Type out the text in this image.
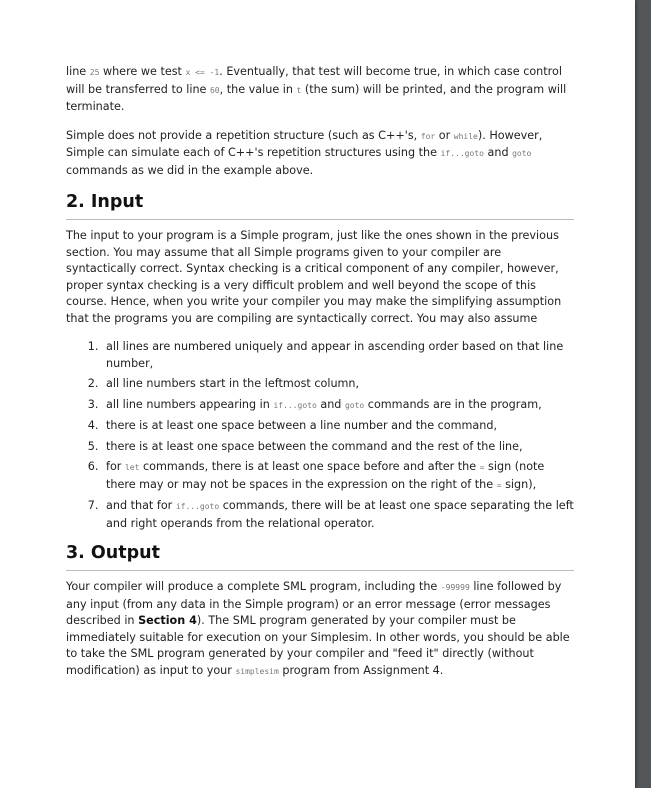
line 25 where we test x <= -1. Eventually, that test will become true, in which case control will be transferred to line 60, the value in t (the sum) will be printed, and the program will terminate.

Simple does not provide a repetition structure (such as C++'s, for or while). However, Simple can simulate each of C++'s repetition structures using the if...goto and goto commands as we did in the example above.

2. Input

The input to your program is a Simple program, just like the ones shown in the previous section. You may assume that all Simple programs given to your compiler are syntactically correct. Syntax checking is a critical component of any compiler, however, proper syntax checking is a very difficult problem and well beyond the scope of this course. Hence, when you write your compiler you may make the simplifying assumption that the programs you are compiling are syntactically correct. You may also assume

1. all lines are numbered uniquely and appear in ascending order based on that line number,
2. all line numbers start in the leftmost column,
3. all line numbers appearing in if...goto and goto commands are in the program,
4. there is at least one space between a line number and the command,
5. there is at least one space between the command and the rest of the line,
6. for let commands, there is at least one space before and after the = sign (note there may or may not be spaces in the expression on the right of the = sign),
7. and that for if...goto commands, there will be at least one space separating the left and right operands from the relational operator.
3. Output

Your compiler will produce a complete SML program, including the -99999 line followed by any input (from any data in the Simple program) or an error message (error messages described in Section 4). The SML program generated by your compiler must be immediately suitable for execution on your Simplesim. In other words, you should be able to take the SML program generated by your compiler and "feed it" directly (without modification) as input to your simplesim program from Assignment 4.
